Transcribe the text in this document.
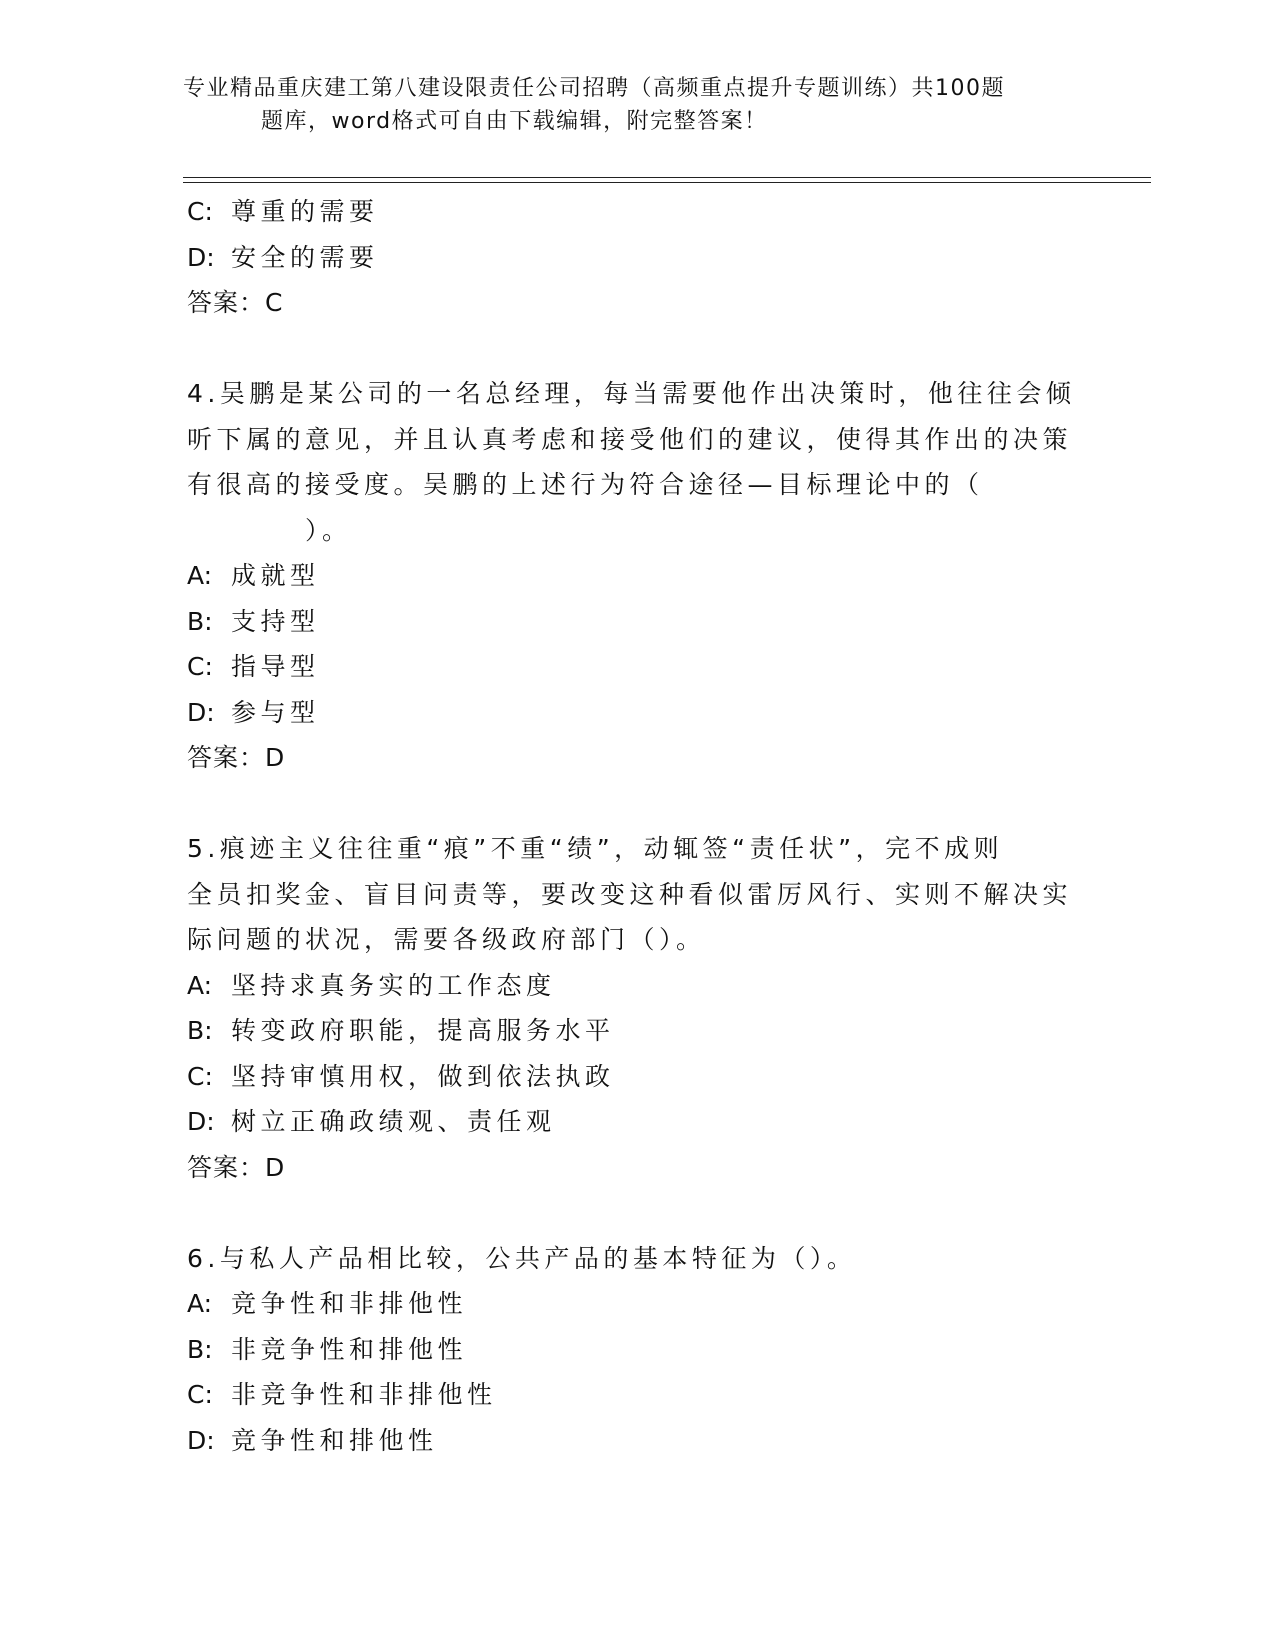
专业精品重庆建工第八建设限责任公司招聘（高频重点提升专题训练）共100题
题库，word格式可自由下载编辑，附完整答案！
C: 尊重的需要
D: 安全的需要
答案：C
4.吴鹏是某公司的一名总经理，每当需要他作出决策时，他往往会倾
听下属的意见，并且认真考虑和接受他们的建议，使得其作出的决策
有很高的接受度。吴鹏的上述行为符合途径—目标理论中的（
）。
A: 成就型
B: 支持型
C: 指导型
D: 参与型
答案：D
5.痕迹主义往往重“痕”不重“绩”，动辄签“责任状”，完不成则
全员扣奖金、盲目问责等，要改变这种看似雷厉风行、实则不解决实
际问题的状况，需要各级政府部门（）。
A: 坚持求真务实的工作态度
B: 转变政府职能，提高服务水平
C: 坚持审慎用权，做到依法执政
D: 树立正确政绩观、责任观
答案：D
6.与私人产品相比较，公共产品的基本特征为（）。
A: 竞争性和非排他性
B: 非竞争性和排他性
C: 非竞争性和非排他性
D: 竞争性和排他性
